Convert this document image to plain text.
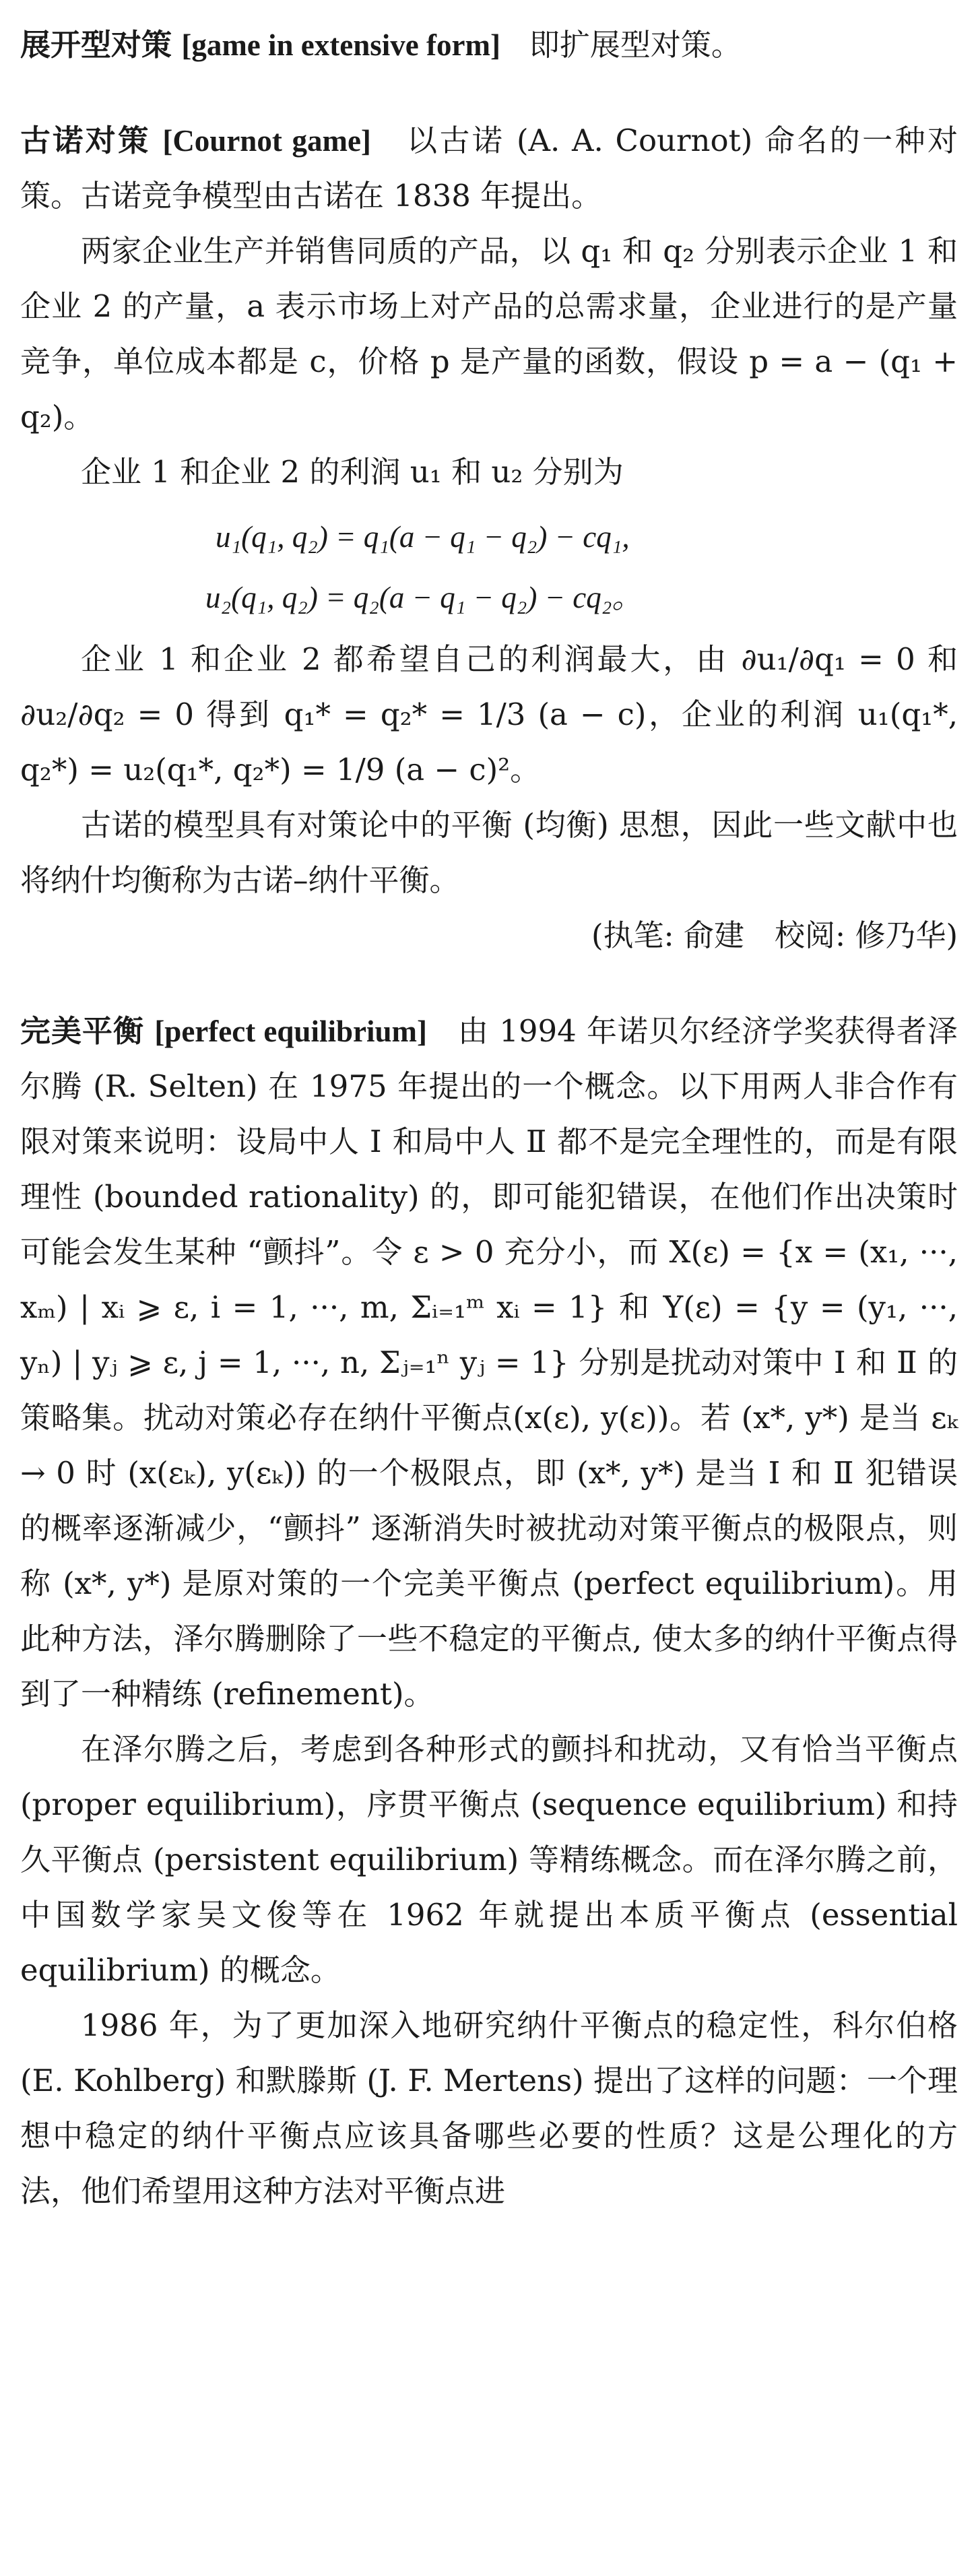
展开型对策 [game in extensive form] 即扩展型对策。

古诺对策 [Cournot game] 以古诺 (A. A. Cournot) 命名的一种对策。古诺竞争模型由古诺在 1838 年提出。

两家企业生产并销售同质的产品，以 q₁ 和 q₂ 分别表示企业 1 和企业 2 的产量，a 表示市场上对产品的总需求量，企业进行的是产量竞争，单位成本都是 c，价格 p 是产量的函数，假设 p = a − (q₁ + q₂)。

企业 1 和企业 2 的利润 u₁ 和 u₂ 分别为

u₁(q₁, q₂) = q₁(a − q₁ − q₂) − cq₁,
u₂(q₁, q₂) = q₂(a − q₁ − q₂) − cq₂。

企业 1 和企业 2 都希望自己的利润最大，由 ∂u₁/∂q₁ = 0 和 ∂u₂/∂q₂ = 0 得到 q₁* = q₂* = 1/3 (a − c)，企业的利润 u₁(q₁*, q₂*) = u₂(q₁*, q₂*) = 1/9 (a − c)²。

古诺的模型具有对策论中的平衡 (均衡) 思想，因此一些文献中也将纳什均衡称为古诺–纳什平衡。

(执笔: 俞建　校阅: 修乃华)

完美平衡 [perfect equilibrium] 由 1994 年诺贝尔经济学奖获得者泽尔腾 (R. Selten) 在 1975 年提出的一个概念。以下用两人非合作有限对策来说明：设局中人 Ⅰ 和局中人 Ⅱ 都不是完全理性的，而是有限理性 (bounded rationality) 的，即可能犯错误，在他们作出决策时可能会发生某种 “颤抖”。令 ε > 0 充分小，而 X(ε) = {x = (x₁, ···, xₘ) | xᵢ ⩾ ε, i = 1, ···, m, Σᵢ₌₁ᵐ xᵢ = 1} 和 Y(ε) = {y = (y₁, ···, yₙ) | yⱼ ⩾ ε, j = 1, ···, n, Σⱼ₌₁ⁿ yⱼ = 1} 分别是扰动对策中 Ⅰ 和 Ⅱ 的策略集。扰动对策必存在纳什平衡点(x(ε), y(ε))。若 (x*, y*) 是当 εₖ → 0 时 (x(εₖ), y(εₖ)) 的一个极限点，即 (x*, y*) 是当 Ⅰ 和 Ⅱ 犯错误的概率逐渐减少，“颤抖” 逐渐消失时被扰动对策平衡点的极限点，则称 (x*, y*) 是原对策的一个完美平衡点 (perfect equilibrium)。用此种方法，泽尔腾删除了一些不稳定的平衡点, 使太多的纳什平衡点得到了一种精练 (refinement)。

在泽尔腾之后，考虑到各种形式的颤抖和扰动，又有恰当平衡点 (proper equilibrium)，序贯平衡点 (sequence equilibrium) 和持久平衡点 (persistent equilibrium) 等精练概念。而在泽尔腾之前，中国数学家吴文俊等在 1962 年就提出本质平衡点 (essential equilibrium) 的概念。

1986 年，为了更加深入地研究纳什平衡点的稳定性，科尔伯格 (E. Kohlberg) 和默滕斯 (J. F. Mertens) 提出了这样的问题：一个理想中稳定的纳什平衡点应该具备哪些必要的性质？这是公理化的方法，他们希望用这种方法对平衡点进
